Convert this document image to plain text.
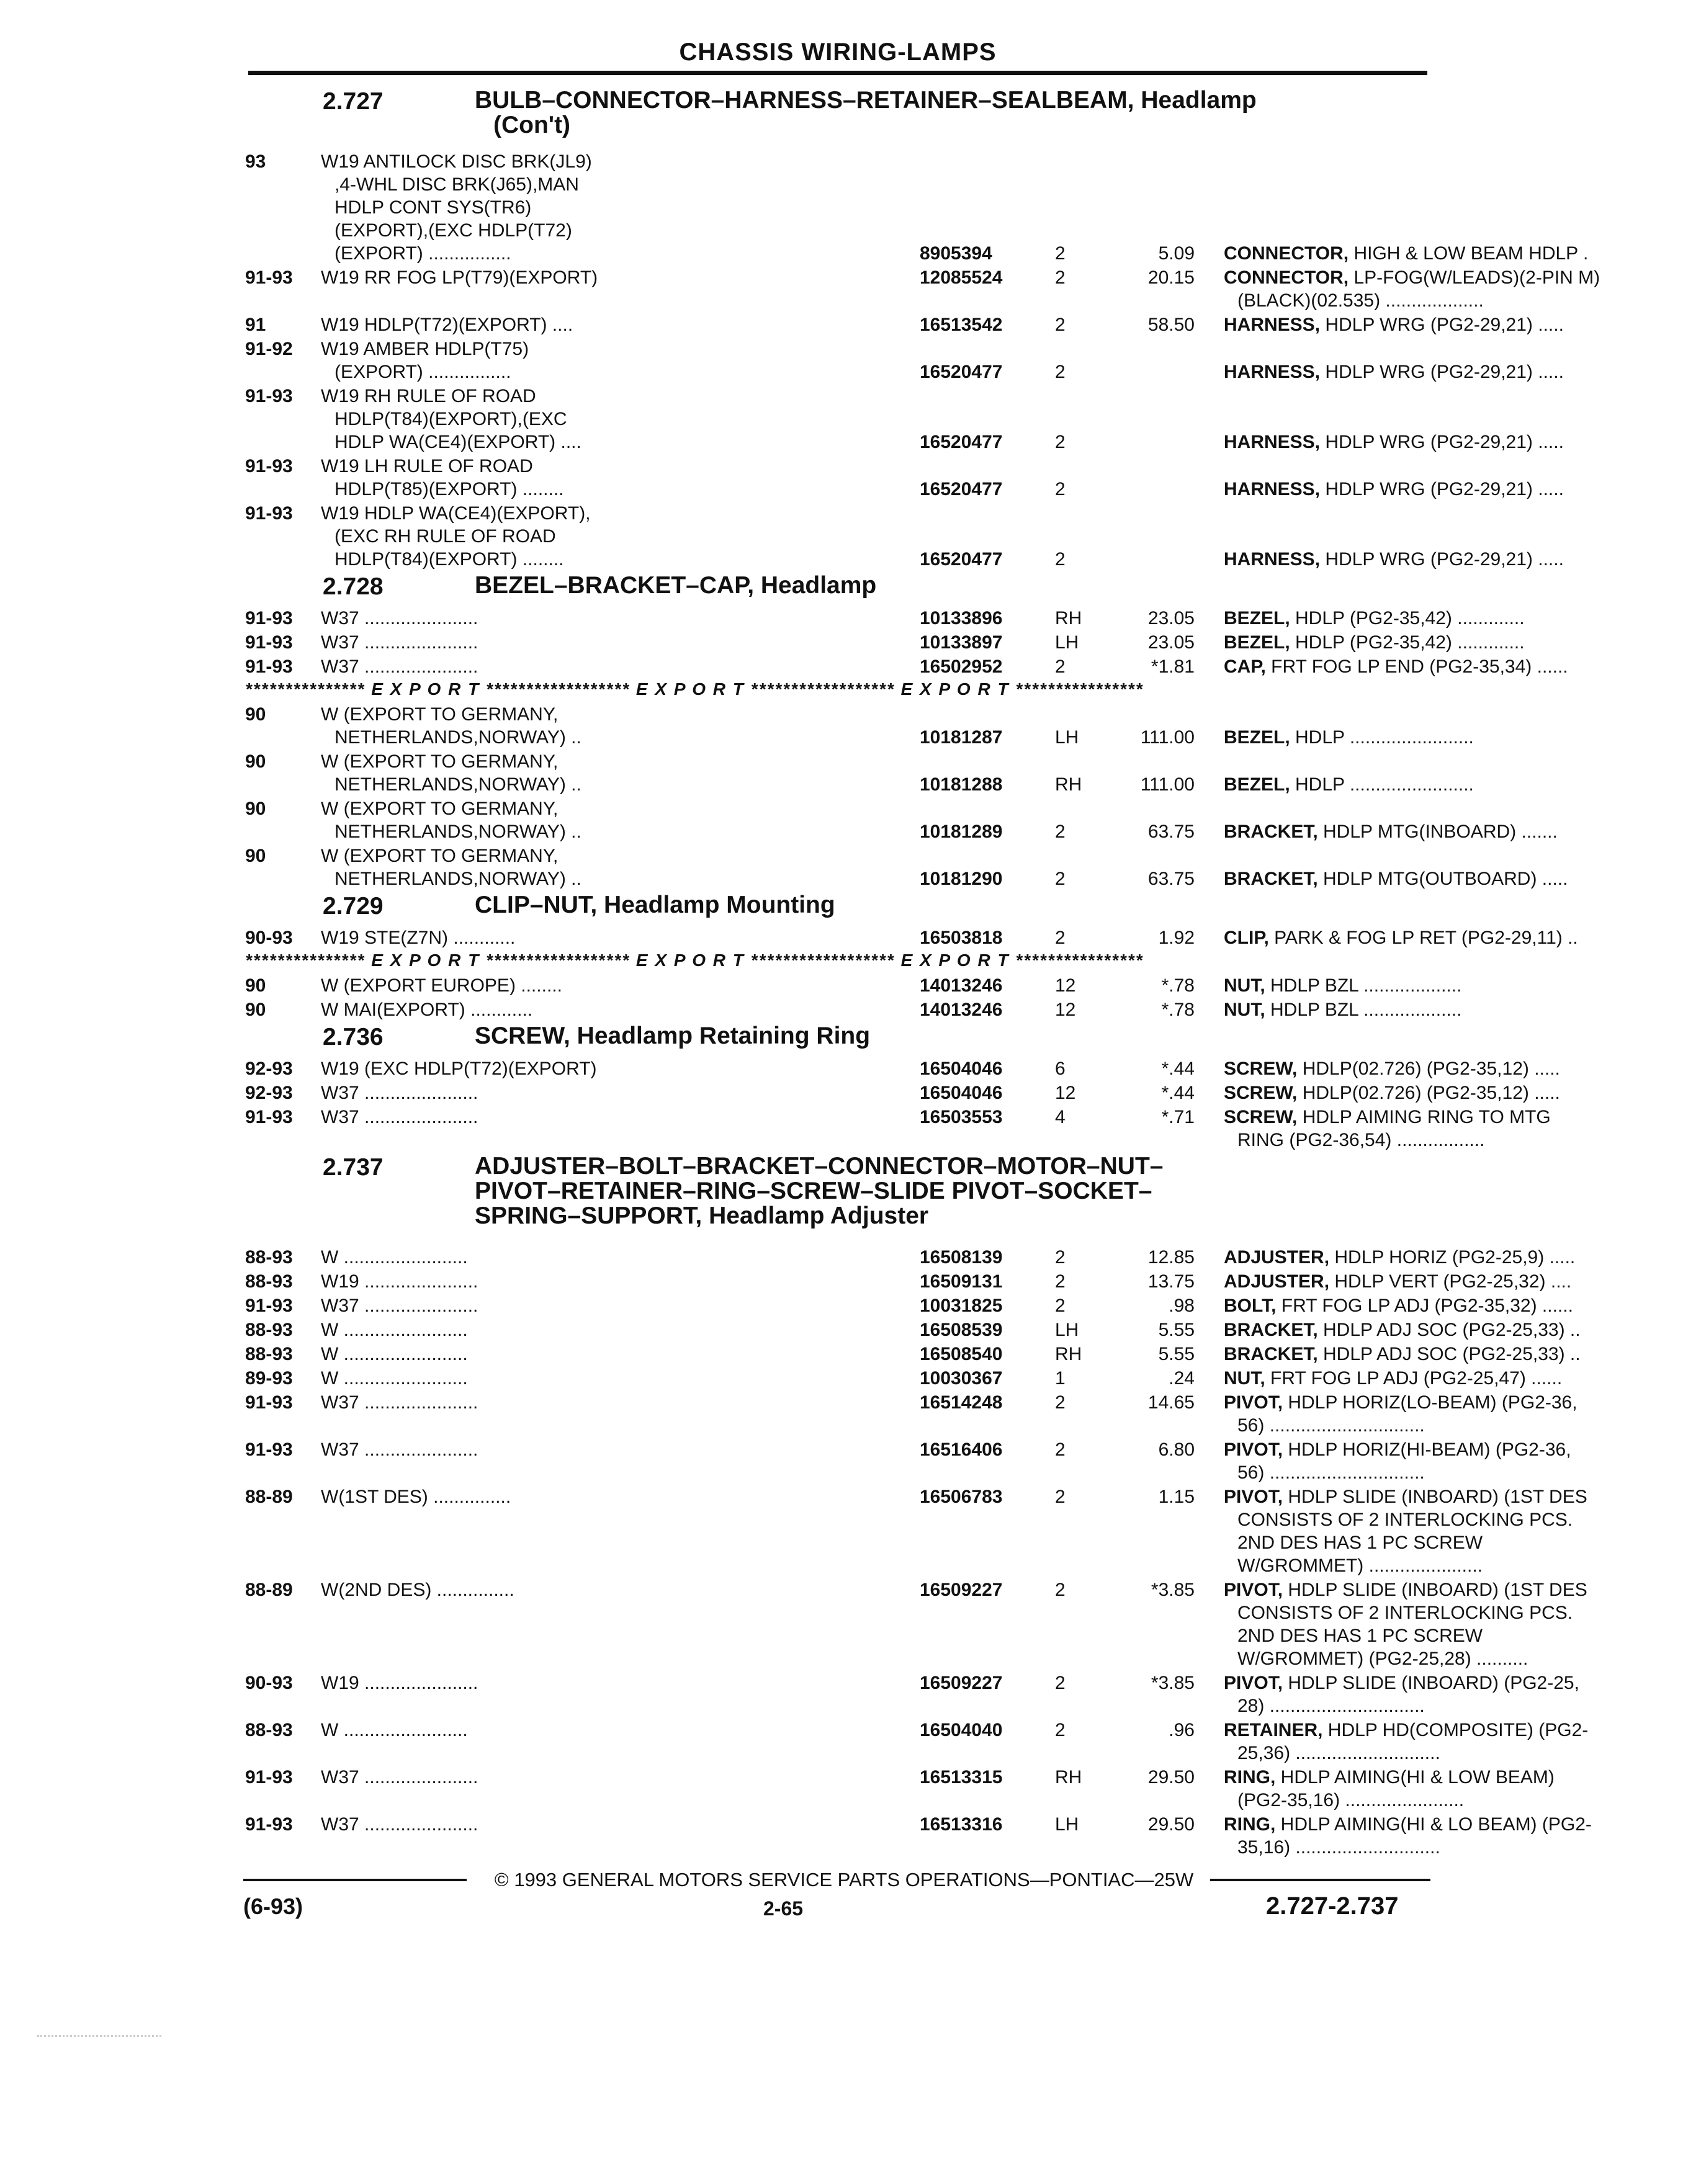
CHASSIS WIRING-LAMPS
2.727	BULB–CONNECTOR–HARNESS–RETAINER–SEALBEAM, Headlamp
(Con't)
93	W19 ANTILOCK DISC BRK(JL9)
,4-WHL DISC BRK(J65),MAN
HDLP CONT SYS(TR6)
(EXPORT),(EXC HDLP(T72)
(EXPORT) ................	8905394	2	5.09 CONNECTOR, HIGH & LOW BEAM HDLP .
91-93 W19 RR FOG LP(T79)(EXPORT)	12085524	2	20.15 CONNECTOR, LP-FOG(W/LEADS)(2-PIN M)
(BLACK)(02.535) ...................
91	W19 HDLP(T72)(EXPORT) ....	16513542	2	58.50 HARNESS, HDLP WRG (PG2-29,21) .....
91-92 W19 AMBER HDLP(T75)
(EXPORT) ................	16520477	2	HARNESS, HDLP WRG (PG2-29,21) .....
91-93 W19 RH RULE OF ROAD
HDLP(T84)(EXPORT),(EXC
HDLP WA(CE4)(EXPORT) ....	16520477	2	HARNESS, HDLP WRG (PG2-29,21) .....
91-93 W19 LH RULE OF ROAD
HDLP(T85)(EXPORT) ........	16520477	2	HARNESS, HDLP WRG (PG2-29,21) .....
91-93 W19 HDLP WA(CE4)(EXPORT),
(EXC RH RULE OF ROAD
HDLP(T84)(EXPORT) ........	16520477	2	HARNESS, HDLP WRG (PG2-29,21) .....
2.728	BEZEL–BRACKET–CAP, Headlamp
91-93 W37 ......................	10133896	RH	23.05 BEZEL, HDLP (PG2-35,42) .............
91-93 W37 ......................	10133897	LH	23.05 BEZEL, HDLP (PG2-35,42) .............
91-93 W37 ......................	16502952	2	*1.81 CAP, FRT FOG LP END (PG2-35,34) ......
*************** E X P O R T ****************** E X P O R T ****************** E X P O R T ****************
90	W (EXPORT TO GERMANY,
NETHERLANDS,NORWAY) ..	10181287	LH	111.00 BEZEL, HDLP ........................
90	W (EXPORT TO GERMANY,
NETHERLANDS,NORWAY) ..	10181288	RH	111.00 BEZEL, HDLP ........................
90	W (EXPORT TO GERMANY,
NETHERLANDS,NORWAY) ..	10181289	2	63.75 BRACKET, HDLP MTG(INBOARD) .......
90	W (EXPORT TO GERMANY,
NETHERLANDS,NORWAY) ..	10181290	2	63.75 BRACKET, HDLP MTG(OUTBOARD) .....
2.729	CLIP–NUT, Headlamp Mounting
90-93 W19 STE(Z7N) ............	16503818	2	1.92 CLIP, PARK & FOG LP RET (PG2-29,11) ..
*************** E X P O R T ****************** E X P O R T ****************** E X P O R T ****************
90	W (EXPORT EUROPE) ........	14013246	12	*.78 NUT, HDLP BZL ...................
90	W MAI(EXPORT) ............	14013246	12	*.78 NUT, HDLP BZL ...................
2.736	SCREW, Headlamp Retaining Ring
92-93 W19 (EXC HDLP(T72)(EXPORT)	16504046	6	*.44 SCREW, HDLP(02.726) (PG2-35,12) .....
92-93 W37 ......................	16504046	12	*.44 SCREW, HDLP(02.726) (PG2-35,12) .....
91-93 W37 ......................	16503553	4	*.71 SCREW, HDLP AIMING RING TO MTG
RING (PG2-36,54) .................
2.737	ADJUSTER–BOLT–BRACKET–CONNECTOR–MOTOR–NUT–
PIVOT–RETAINER–RING–SCREW–SLIDE PIVOT–SOCKET–
SPRING–SUPPORT, Headlamp Adjuster
88-93 W ........................	16508139	2	12.85 ADJUSTER, HDLP HORIZ (PG2-25,9) .....
88-93 W19 ......................	16509131	2	13.75 ADJUSTER, HDLP VERT (PG2-25,32) ....
91-93 W37 ......................	10031825	2	.98 BOLT, FRT FOG LP ADJ (PG2-35,32) ......
88-93 W ........................	16508539	LH	5.55 BRACKET, HDLP ADJ SOC (PG2-25,33) ..
88-93 W ........................	16508540	RH	5.55 BRACKET, HDLP ADJ SOC (PG2-25,33) ..
89-93 W ........................	10030367	1	.24 NUT, FRT FOG LP ADJ (PG2-25,47) ......
91-93 W37 ......................	16514248	2	14.65 PIVOT, HDLP HORIZ(LO-BEAM) (PG2-36,
56) ..............................
91-93 W37 ......................	16516406	2	6.80 PIVOT, HDLP HORIZ(HI-BEAM) (PG2-36,
56) ..............................
88-89 W(1ST DES) ...............	16506783	2	1.15 PIVOT, HDLP SLIDE (INBOARD) (1ST DES
CONSISTS OF 2 INTERLOCKING PCS.
2ND DES HAS 1 PC SCREW
W/GROMMET) ......................
88-89 W(2ND DES) ...............	16509227	2	*3.85 PIVOT, HDLP SLIDE (INBOARD) (1ST DES
CONSISTS OF 2 INTERLOCKING PCS.
2ND DES HAS 1 PC SCREW
W/GROMMET) (PG2-25,28) ..........
90-93 W19 ......................	16509227	2	*3.85 PIVOT, HDLP SLIDE (INBOARD) (PG2-25,
28) ..............................
88-93 W ........................	16504040	2	.96 RETAINER, HDLP HD(COMPOSITE) (PG2-
25,36) ............................
91-93 W37 ......................	16513315	RH	29.50 RING, HDLP AIMING(HI & LOW BEAM)
(PG2-35,16) .......................
91-93 W37 ......................	16513316	LH	29.50 RING, HDLP AIMING(HI & LO BEAM) (PG2-
35,16) ............................
© 1993 GENERAL MOTORS SERVICE PARTS OPERATIONS—PONTIAC—25W
(6-93)	2-65	2.727-2.737
